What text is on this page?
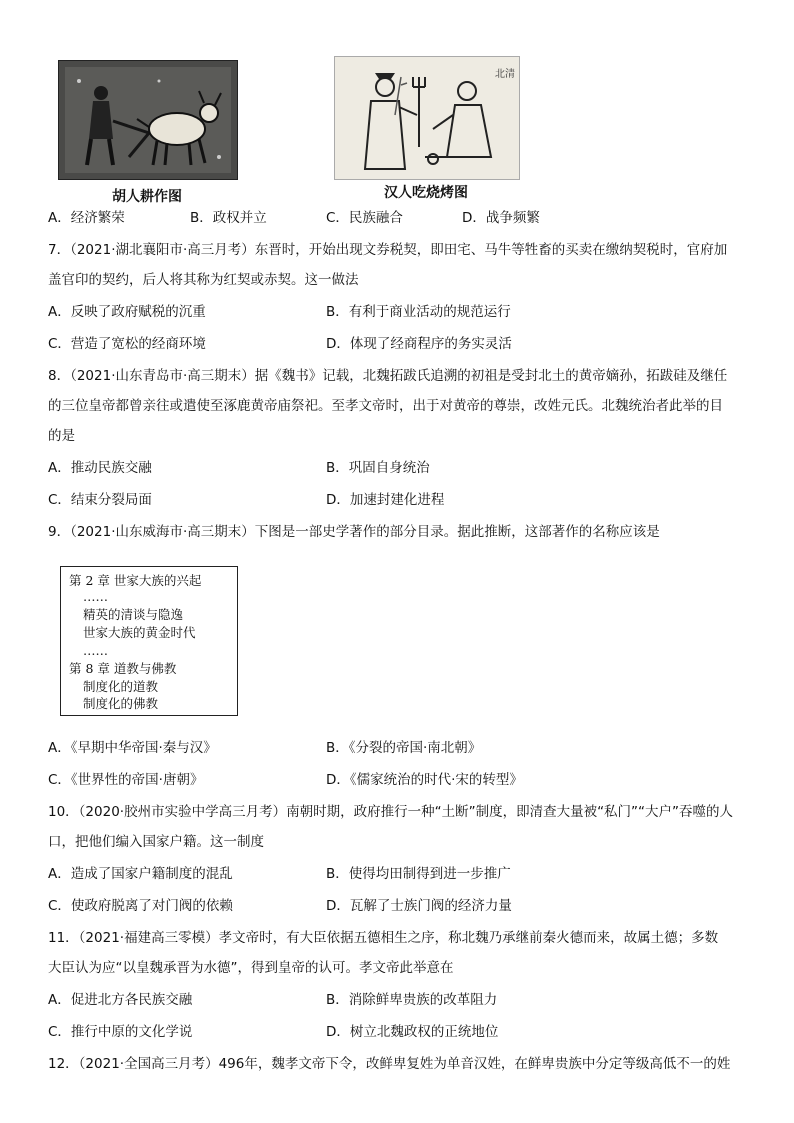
胡人耕作图
北 清
汉人吃烧烤图
A．经济繁荣	B．政权并立	C．民族融合	D．战争频繁
7．（2021·湖北襄阳市·高三月考）东晋时，开始出现文券税契，即田宅、马牛等牲畜的买卖在缴纳契税时，官府加
盖官印的契约，后人将其称为红契或赤契。这一做法
A．反映了政府赋税的沉重	B．有利于商业活动的规范运行
C．营造了宽松的经商环境	D．体现了经商程序的务实灵活
8．（2021·山东青岛市·高三期末）据《魏书》记载，北魏拓跋氏追溯的初祖是受封北土的黄帝嫡孙，拓跋硅及继任
的三位皇帝都曾亲往或遣使至涿鹿黄帝庙祭祀。至孝文帝时，出于对黄帝的尊崇，改姓元氏。北魏统治者此举的目
的是
A．推动民族交融	B．巩固自身统治
C．结束分裂局面	D．加速封建化进程
9．（2021·山东威海市·高三期末）下图是一部史学著作的部分目录。据此推断，这部著作的名称应该是
第 2 章 世家大族的兴起
……
精英的清谈与隐逸
世家大族的黄金时代
……
第 8 章 道教与佛教
制度化的道教
制度化的佛教
A．《早期中华帝国·秦与汉》	B．《分裂的帝国·南北朝》
C．《世界性的帝国·唐朝》	D．《儒家统治的时代·宋的转型》
10．（2020·胶州市实验中学高三月考）南朝时期，政府推行一种“土断”制度，即清查大量被“私门”“大户”吞噬的人
口，把他们编入国家户籍。这一制度
A．造成了国家户籍制度的混乱	B．使得均田制得到进一步推广
C．使政府脱离了对门阀的依赖	D．瓦解了士族门阀的经济力量
11．（2021·福建高三零模）孝文帝时，有大臣依据五德相生之序，称北魏乃承继前秦火德而来，故属土德；多数
大臣认为应“以皇魏承晋为水德”，得到皇帝的认可。孝文帝此举意在
A．促进北方各民族交融	B．消除鲜卑贵族的改革阻力
C．推行中原的文化学说	D．树立北魏政权的正统地位
12．（2021·全国高三月考）496年，魏孝文帝下令，改鲜卑复姓为单音汉姓，在鲜卑贵族中分定等级高低不一的姓
